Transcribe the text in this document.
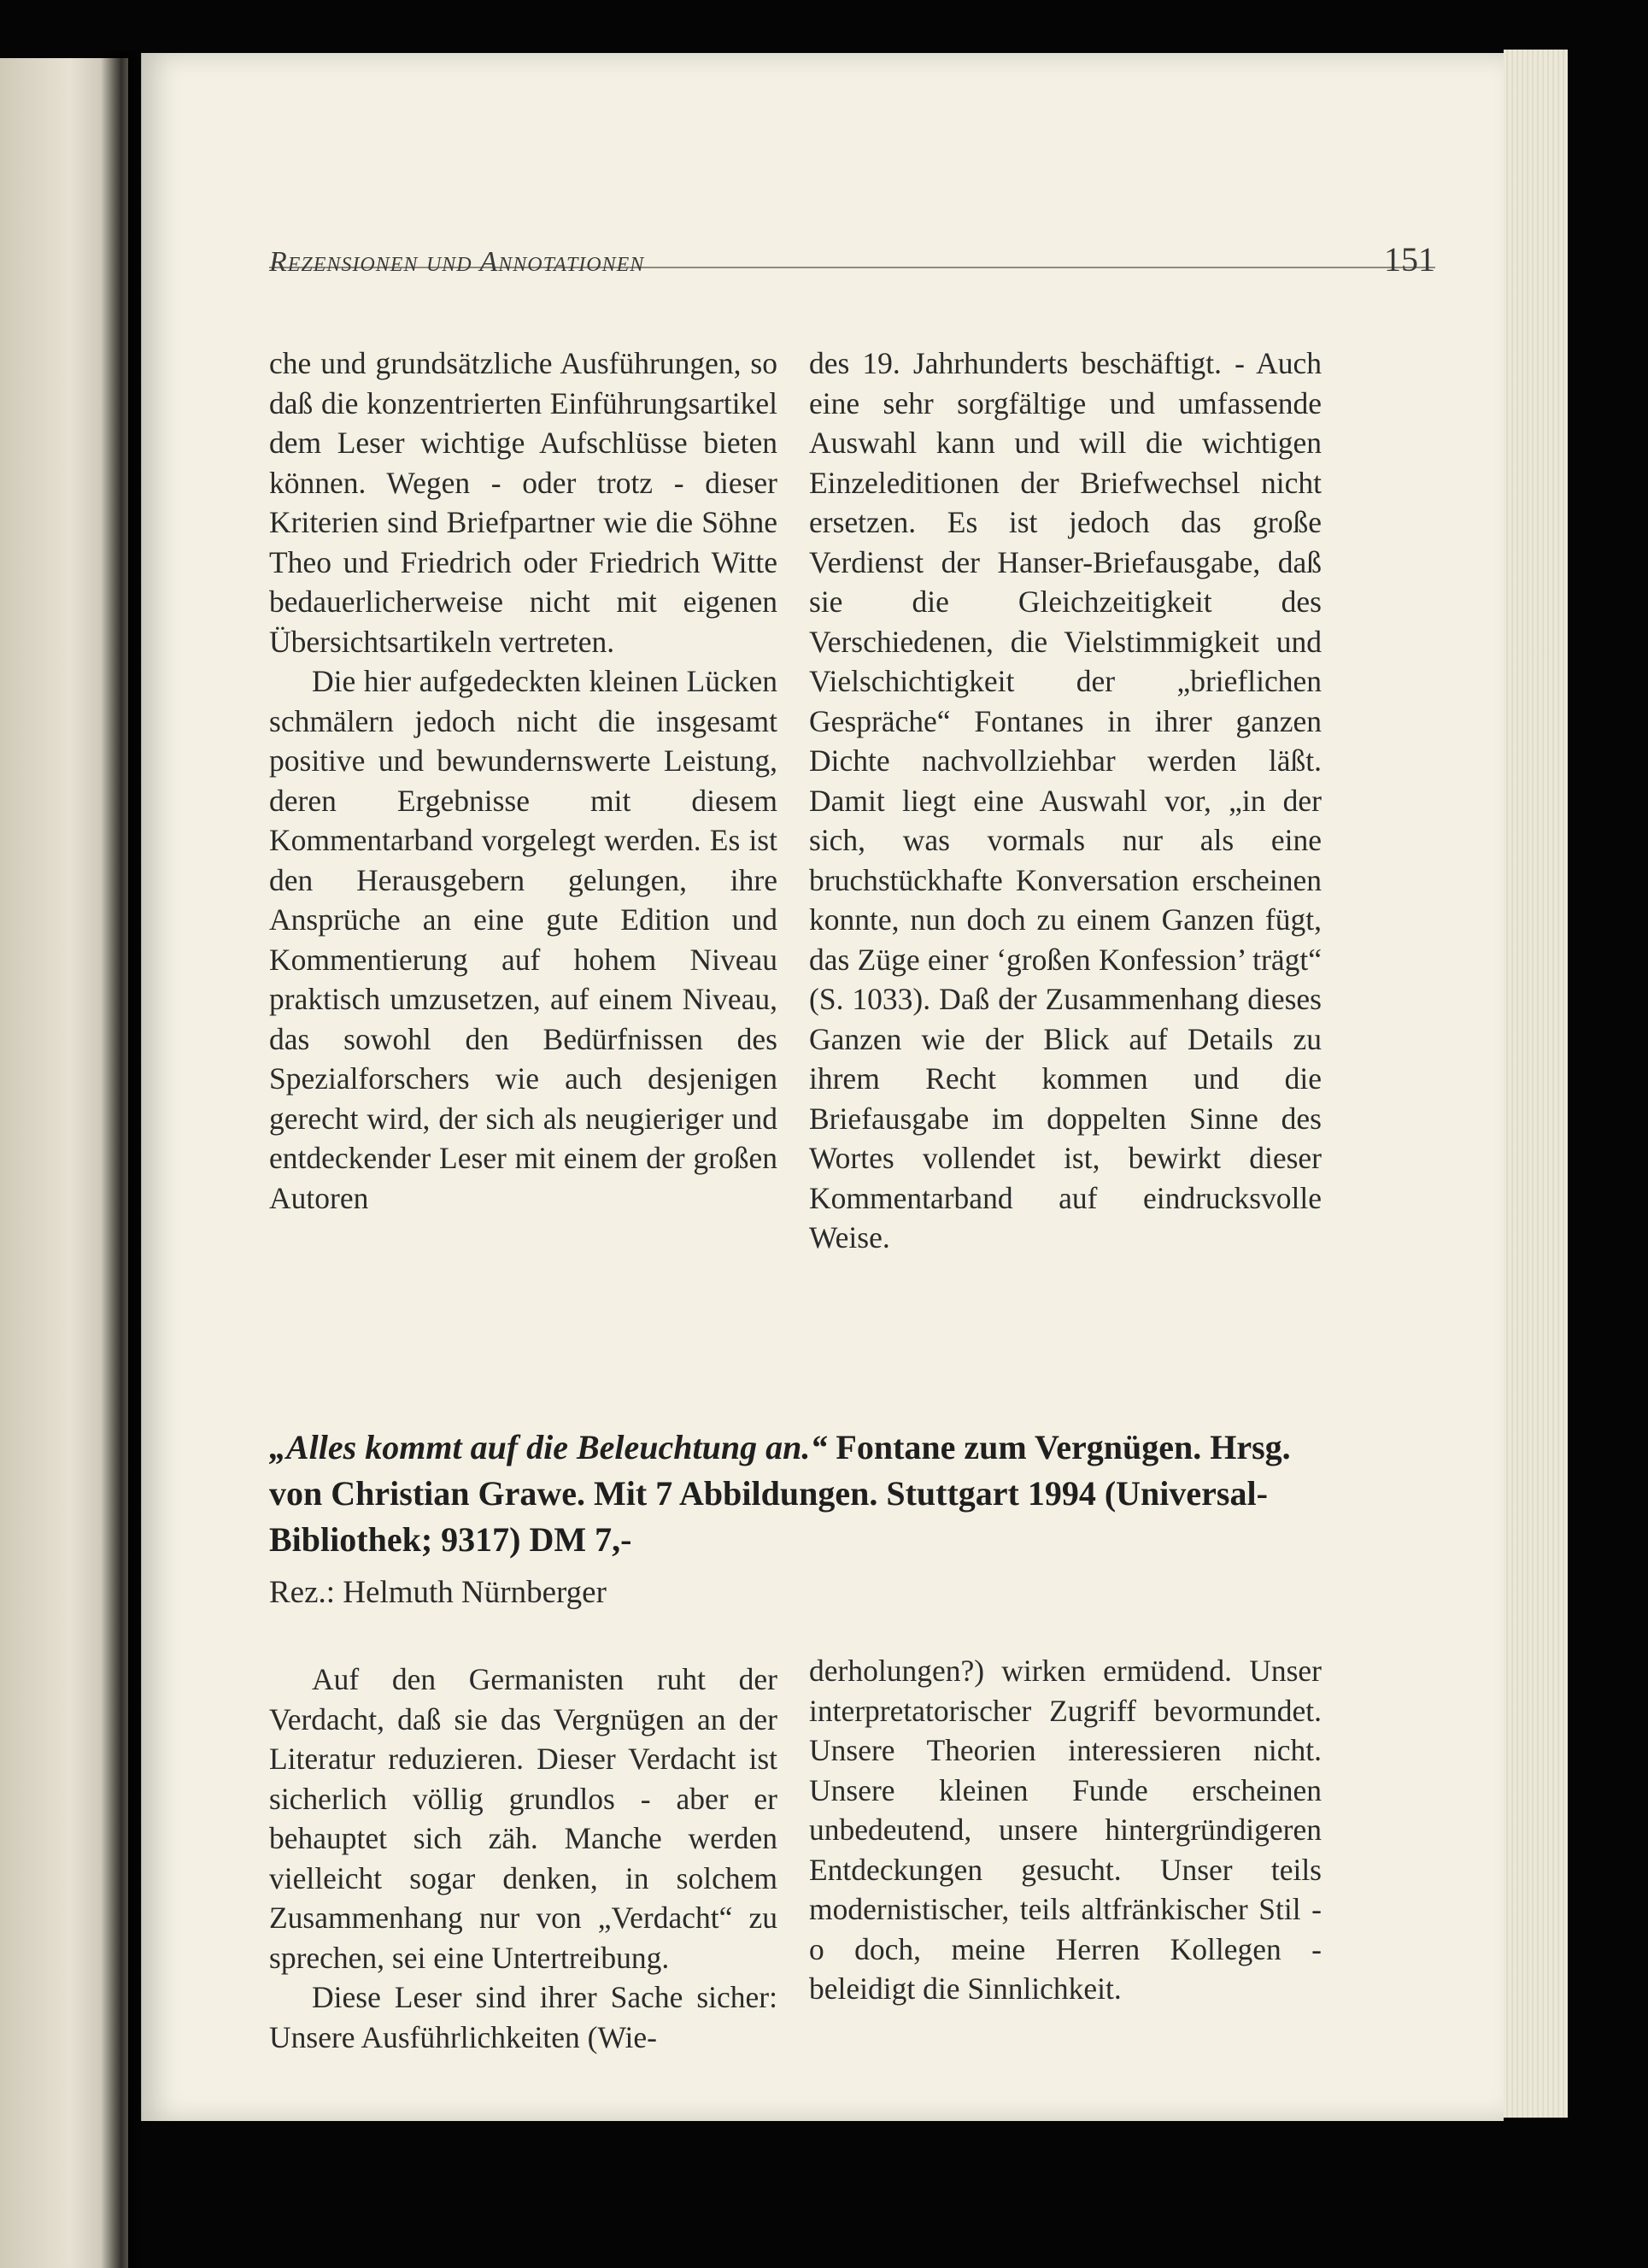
Rezensionen und Annotationen	151

che und grundsätzliche Ausführungen, so daß die konzentrierten Einführungsartikel dem Leser wichtige Aufschlüsse bieten können. Wegen - oder trotz - dieser Kriterien sind Briefpartner wie die Söhne Theo und Friedrich oder Friedrich Witte bedauerlicherweise nicht mit eigenen Übersichtsartikeln vertreten.

Die hier aufgedeckten kleinen Lücken schmälern jedoch nicht die insgesamt positive und bewundernswerte Leistung, deren Ergebnisse mit diesem Kommentarband vorgelegt werden. Es ist den Herausgebern gelungen, ihre Ansprüche an eine gute Edition und Kommentierung auf hohem Niveau praktisch umzusetzen, auf einem Niveau, das sowohl den Bedürfnissen des Spezialforschers wie auch desjenigen gerecht wird, der sich als neugieriger und entdeckender Leser mit einem der großen Autoren

des 19. Jahrhunderts beschäftigt. - Auch eine sehr sorgfältige und umfassende Auswahl kann und will die wichtigen Einzeleditionen der Briefwechsel nicht ersetzen. Es ist jedoch das große Verdienst der Hanser-Briefausgabe, daß sie die Gleichzeitigkeit des Verschiedenen, die Vielstimmigkeit und Vielschichtigkeit der „brieflichen Gespräche“ Fontanes in ihrer ganzen Dichte nachvollziehbar werden läßt. Damit liegt eine Auswahl vor, „in der sich, was vormals nur als eine bruchstückhafte Konversation erscheinen konnte, nun doch zu einem Ganzen fügt, das Züge einer ‘großen Konfession’ trägt“ (S. 1033). Daß der Zusammenhang dieses Ganzen wie der Blick auf Details zu ihrem Recht kommen und die Briefausgabe im doppelten Sinne des Wortes vollendet ist, bewirkt dieser Kommentarband auf eindrucksvolle Weise.

„Alles kommt auf die Beleuchtung an.“ Fontane zum Vergnügen. Hrsg. von Christian Grawe. Mit 7 Abbildungen. Stuttgart 1994 (Universal-Bibliothek; 9317) DM 7,-
Rez.: Helmuth Nürnberger

Auf den Germanisten ruht der Verdacht, daß sie das Vergnügen an der Literatur reduzieren. Dieser Verdacht ist sicherlich völlig grundlos - aber er behauptet sich zäh. Manche werden vielleicht sogar denken, in solchem Zusammenhang nur von „Verdacht“ zu sprechen, sei eine Untertreibung.

Diese Leser sind ihrer Sache sicher: Unsere Ausführlichkeiten (Wie-

derholungen?) wirken ermüdend. Unser interpretatorischer Zugriff bevormundet. Unsere Theorien interessieren nicht. Unsere kleinen Funde erscheinen unbedeutend, unsere hintergründigeren Entdeckungen gesucht. Unser teils modernistischer, teils altfränkischer Stil - o doch, meine Herren Kollegen - beleidigt die Sinnlichkeit.
